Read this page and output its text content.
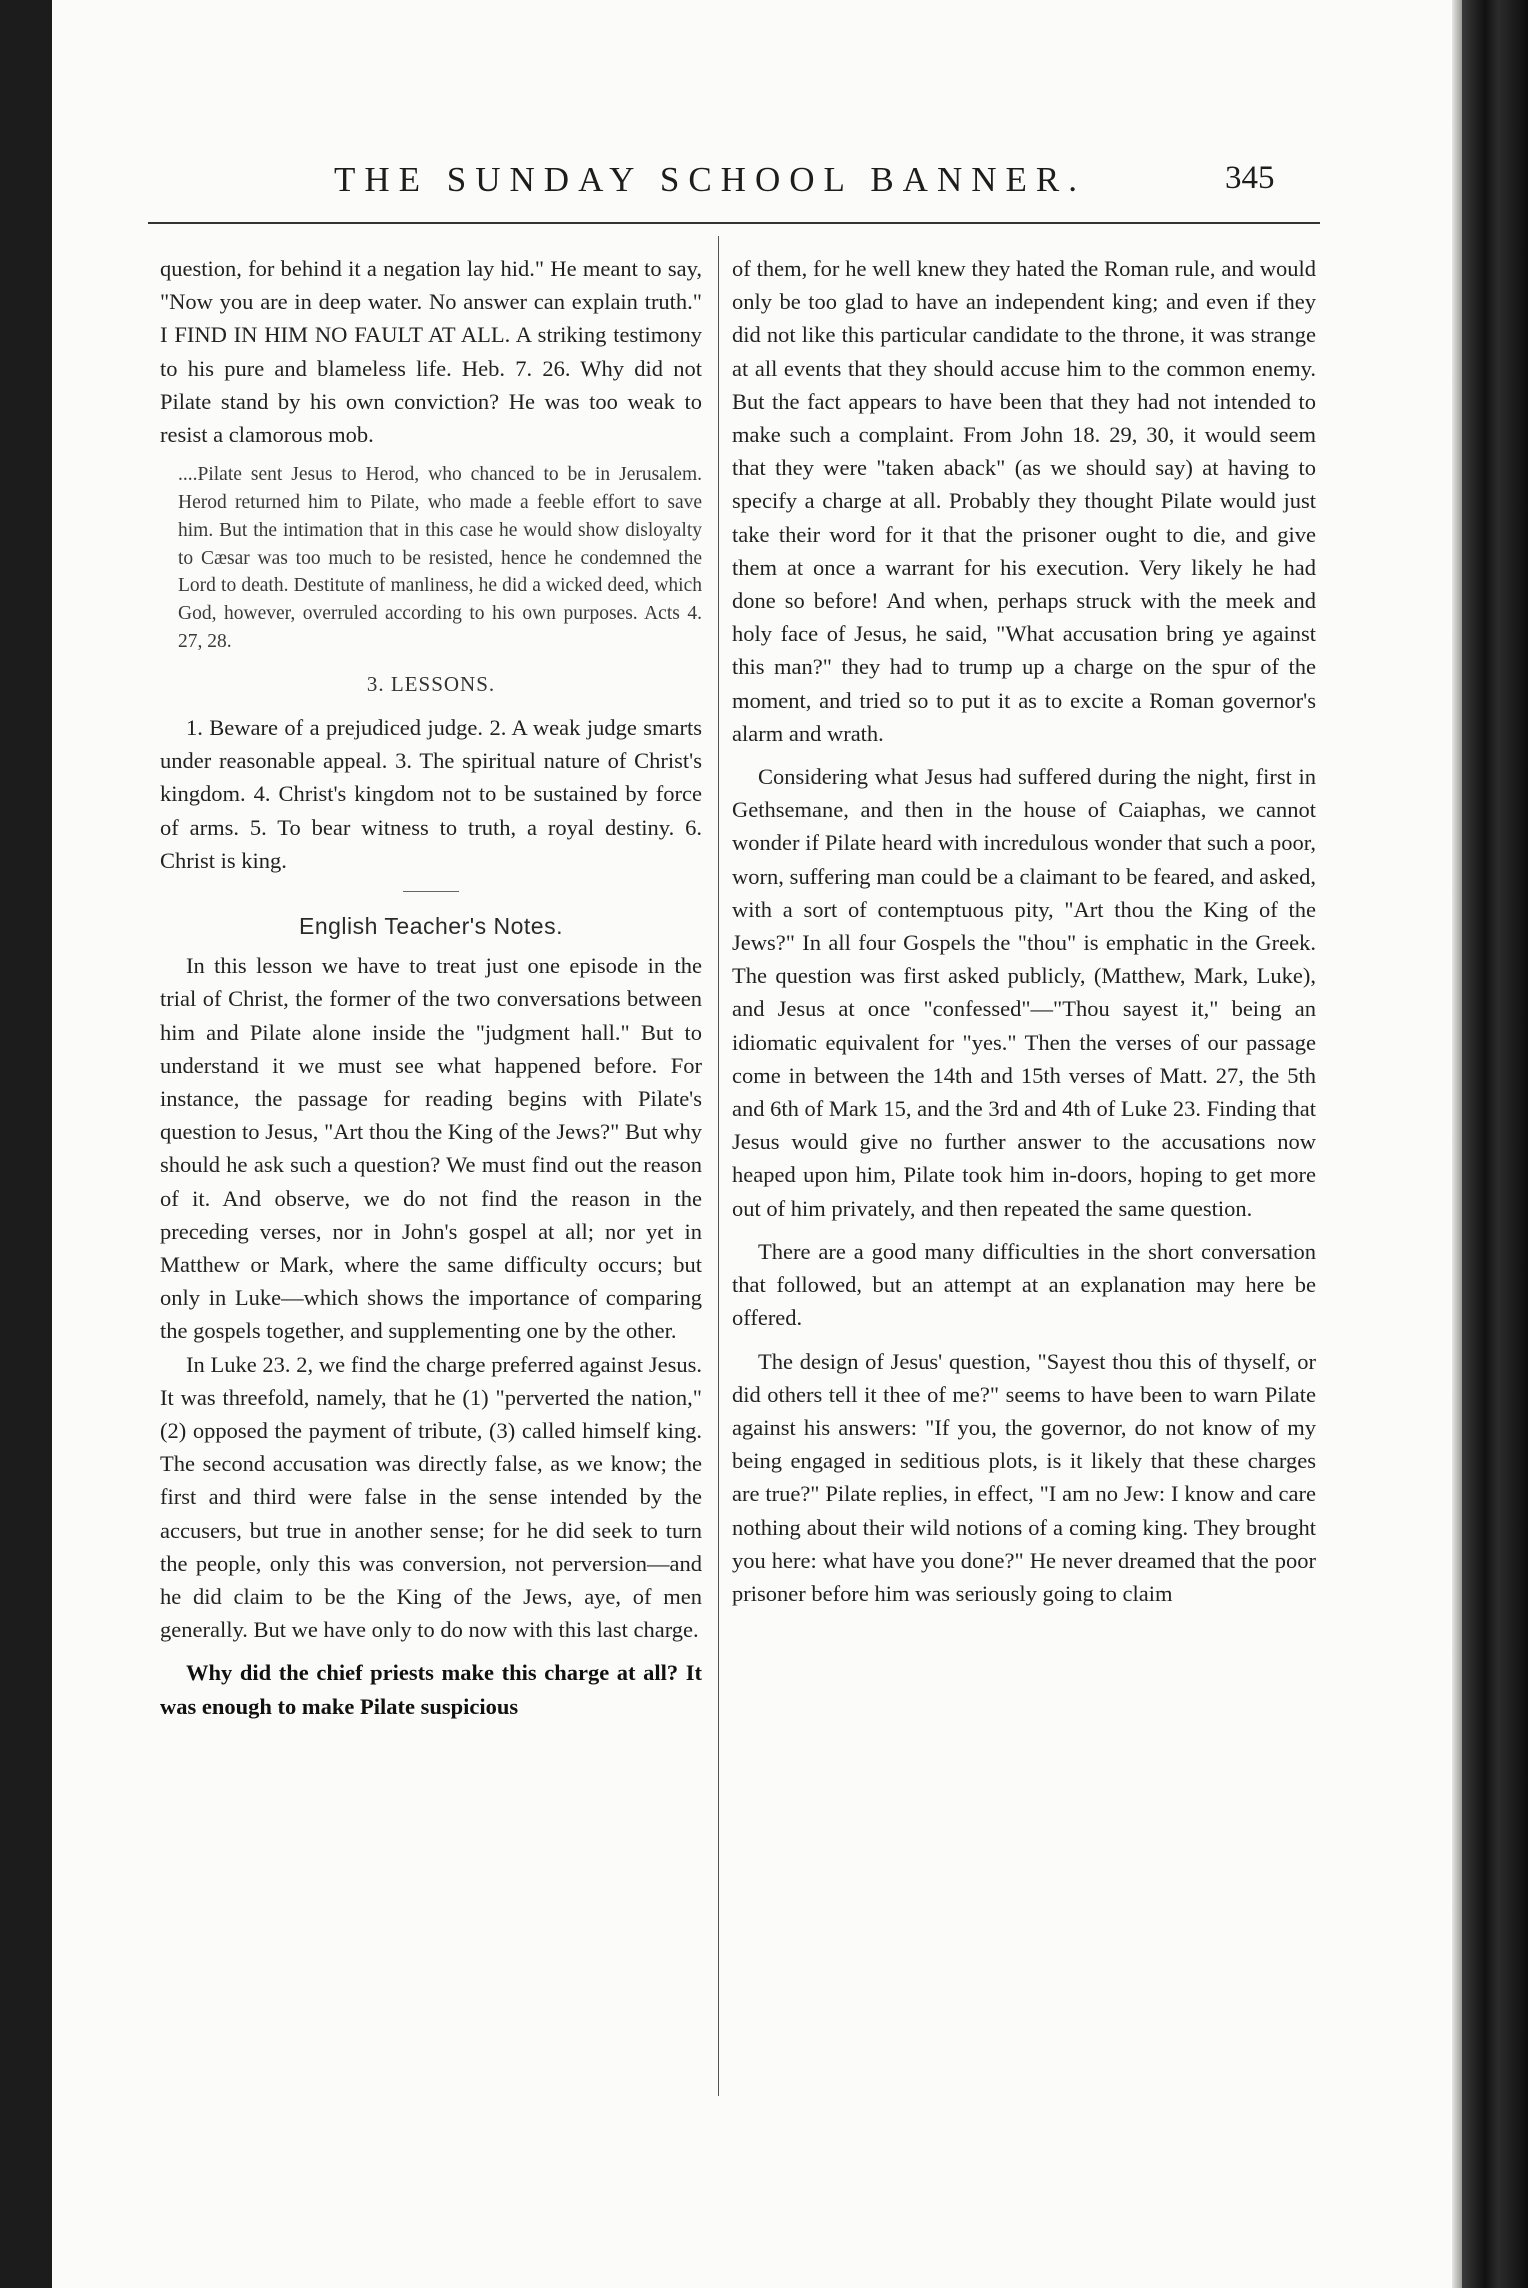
THE SUNDAY SCHOOL BANNER.	345

question, for behind it a negation lay hid." He meant to say, "Now you are in deep water. No answer can explain truth." I FIND IN HIM NO FAULT AT ALL. A striking testimony to his pure and blameless life. Heb. 7. 26. Why did not Pilate stand by his own conviction? He was too weak to resist a clamorous mob.

....Pilate sent Jesus to Herod, who chanced to be in Jerusalem. Herod returned him to Pilate, who made a feeble effort to save him. But the intimation that in this case he would show disloyalty to Cæsar was too much to be resisted, hence he condemned the Lord to death. Destitute of manliness, he did a wicked deed, which God, however, overruled according to his own purposes. Acts 4. 27, 28.

3. LESSONS.

1. Beware of a prejudiced judge. 2. A weak judge smarts under reasonable appeal. 3. The spiritual nature of Christ's kingdom. 4. Christ's kingdom not to be sustained by force of arms. 5. To bear witness to truth, a royal destiny. 6. Christ is king.

English Teacher's Notes.

In this lesson we have to treat just one episode in the trial of Christ, the former of the two conversations between him and Pilate alone inside the "judgment hall." But to understand it we must see what happened before. For instance, the passage for reading begins with Pilate's question to Jesus, "Art thou the King of the Jews?" But why should he ask such a question? We must find out the reason of it. And observe, we do not find the reason in the preceding verses, nor in John's gospel at all; nor yet in Matthew or Mark, where the same difficulty occurs; but only in Luke—which shows the importance of comparing the gospels together, and supplementing one by the other.

In Luke 23. 2, we find the charge preferred against Jesus. It was threefold, namely, that he (1) "perverted the nation," (2) opposed the payment of tribute, (3) called himself king. The second accusation was directly false, as we know; the first and third were false in the sense intended by the accusers, but true in another sense; for he did seek to turn the people, only this was conversion, not perversion—and he did claim to be the King of the Jews, aye, of men generally. But we have only to do now with this last charge.

Why did the chief priests make this charge at all? It was enough to make Pilate suspicious

of them, for he well knew they hated the Roman rule, and would only be too glad to have an independent king; and even if they did not like this particular candidate to the throne, it was strange at all events that they should accuse him to the common enemy. But the fact appears to have been that they had not intended to make such a complaint. From John 18. 29, 30, it would seem that they were "taken aback" (as we should say) at having to specify a charge at all. Probably they thought Pilate would just take their word for it that the prisoner ought to die, and give them at once a warrant for his execution. Very likely he had done so before! And when, perhaps struck with the meek and holy face of Jesus, he said, "What accusation bring ye against this man?" they had to trump up a charge on the spur of the moment, and tried so to put it as to excite a Roman governor's alarm and wrath.

Considering what Jesus had suffered during the night, first in Gethsemane, and then in the house of Caiaphas, we cannot wonder if Pilate heard with incredulous wonder that such a poor, worn, suffering man could be a claimant to be feared, and asked, with a sort of contemptuous pity, "Art thou the King of the Jews?" In all four Gospels the "thou" is emphatic in the Greek. The question was first asked publicly, (Matthew, Mark, Luke), and Jesus at once "confessed"—"Thou sayest it," being an idiomatic equivalent for "yes." Then the verses of our passage come in between the 14th and 15th verses of Matt. 27, the 5th and 6th of Mark 15, and the 3rd and 4th of Luke 23. Finding that Jesus would give no further answer to the accusations now heaped upon him, Pilate took him in-doors, hoping to get more out of him privately, and then repeated the same question.

There are a good many difficulties in the short conversation that followed, but an attempt at an explanation may here be offered.

The design of Jesus' question, "Sayest thou this of thyself, or did others tell it thee of me?" seems to have been to warn Pilate against his answers: "If you, the governor, do not know of my being engaged in seditious plots, is it likely that these charges are true?" Pilate replies, in effect, "I am no Jew: I know and care nothing about their wild notions of a coming king. They brought you here: what have you done?" He never dreamed that the poor prisoner before him was seriously going to claim
